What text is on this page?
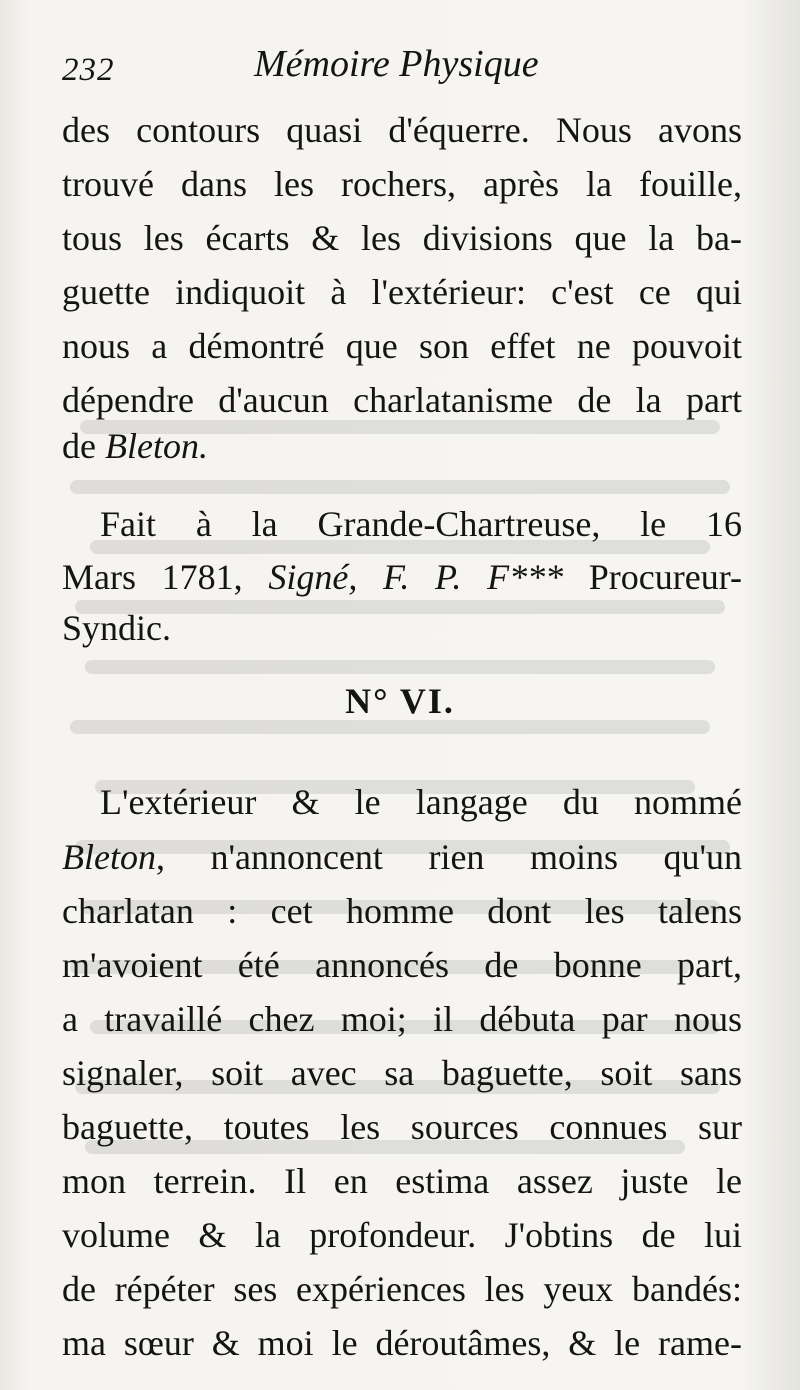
232	Mémoire Physique
des contours quasi d'équerre. Nous avons
trouvé dans les rochers, après la fouille,
tous les écarts & les divisions que la ba-
guette indiquoit à l'extérieur: c'est ce qui
nous a démontré que son effet ne pouvoit
dépendre d'aucun charlatanisme de la part
de Bleton.
Fait à la Grande-Chartreuse, le 16
Mars 1781, Signé, F. P. F*** Procureur-
Syndic.
N° VI.
L'extérieur & le langage du nommé
Bleton, n'annoncent rien moins qu'un
charlatan : cet homme dont les talens
m'avoient été annoncés de bonne part,
a travaillé chez moi; il débuta par nous
signaler, soit avec sa baguette, soit sans
baguette, toutes les sources connues sur
mon terrein. Il en estima assez juste le
volume & la profondeur. J'obtins de lui
de répéter ses expériences les yeux bandés:
ma sœur & moi le déroutâmes, & le rame-
